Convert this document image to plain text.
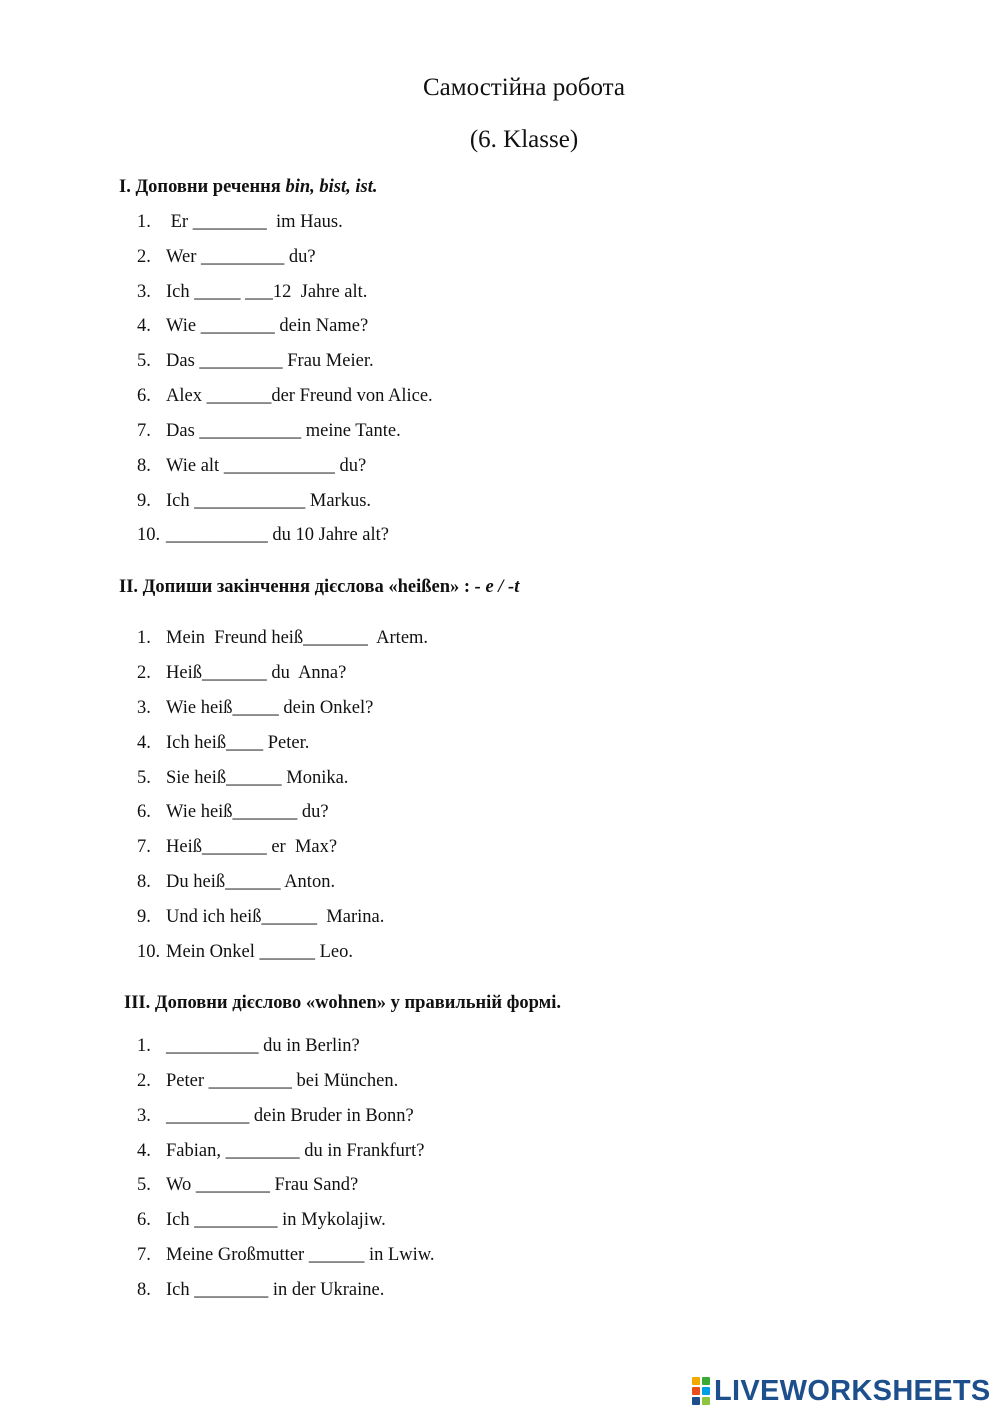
Самостійна робота
(6. Klasse)
I. Доповни речення bin, bist, ist.
1. Er ________  im Haus.
2. Wer _________ du?
3. Ich _____ ___12  Jahre alt.
4. Wie ________ dein Name?
5. Das _________ Frau Meier.
6. Alex _______der Freund von Alice.
7. Das ___________ meine Tante.
8. Wie alt ____________ du?
9. Ich ____________ Markus.
10. ___________ du 10 Jahre alt?
II. Допиши закінчення дієслова «heißen» : - e / -t
1. Mein  Freund heiß_______  Artem.
2. Heiß_______ du  Anna?
3. Wie heiß_____ dein Onkel?
4. Ich heiß____ Peter.
5. Sie heiß______ Monika.
6. Wie heiß_______ du?
7. Heiß_______ er  Max?
8. Du heiß______ Anton.
9. Und ich heiß______  Marina.
10. Mein Onkel ______ Leo.
III. Доповни дієслово «wohnen» у правильній формі.
1. __________ du in Berlin?
2. Peter _________ bei München.
3. _________ dein Bruder in Bonn?
4. Fabian, ________ du in Frankfurt?
5. Wo ________ Frau Sand?
6. Ich _________ in Mykolajiw.
7. Meine Großmutter ______ in Lwiw.
8. Ich ________ in der Ukraine.
LIVEWORKSHEETS
